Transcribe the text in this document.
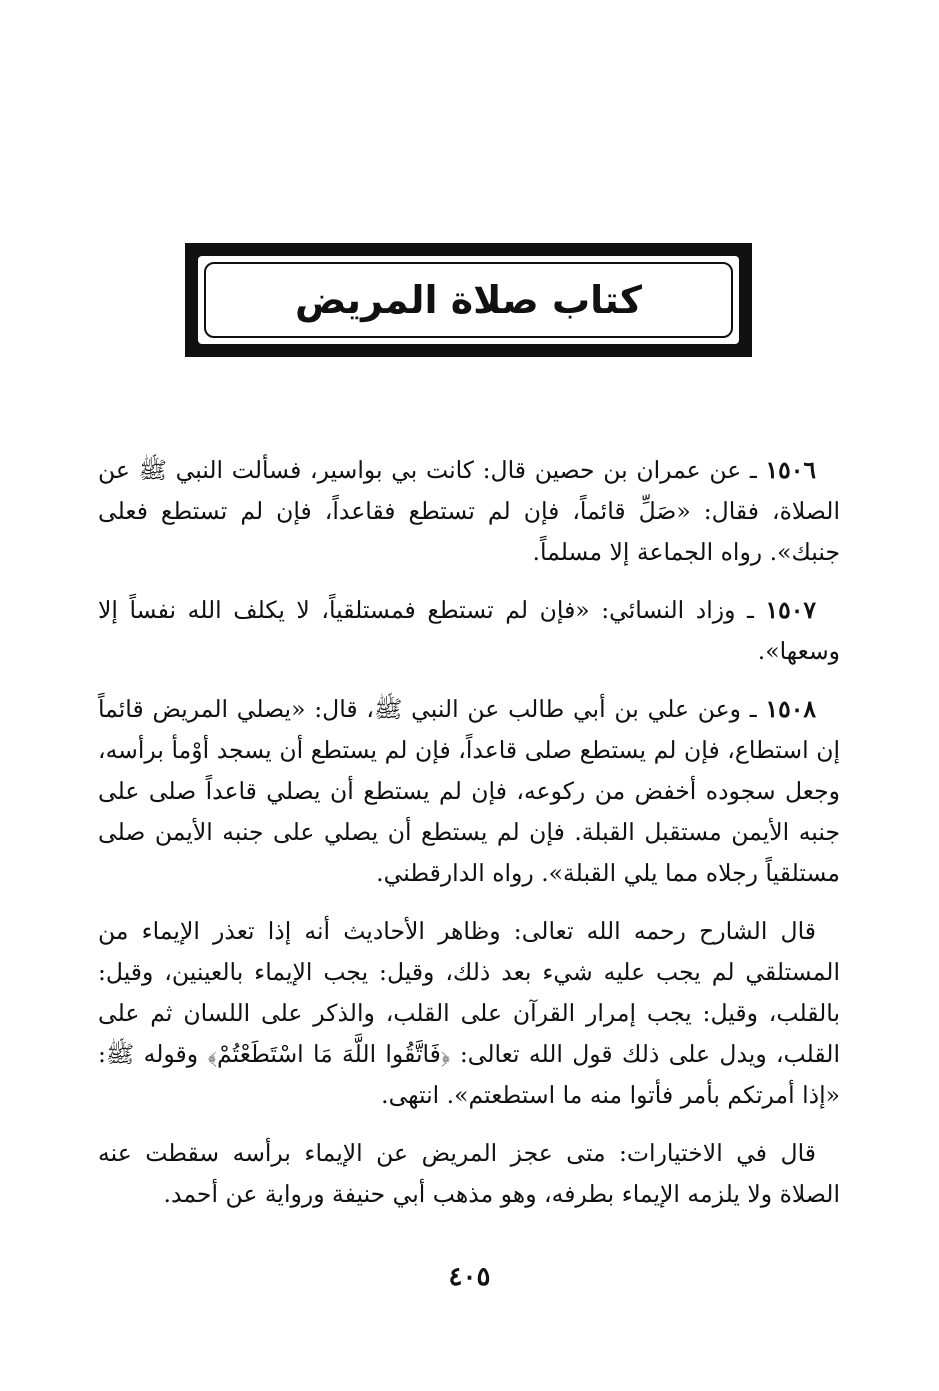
كتاب صلاة المريض

١٥٠٦ ـ عن عمران بن حصين قال: كانت بي بواسير، فسألت النبي ﷺ عن الصلاة، فقال: «صَلِّ قائماً، فإن لم تستطع فقاعداً، فإن لم تستطع فعلى جنبك». رواه الجماعة إلا مسلماً.

١٥٠٧ ـ وزاد النسائي: «فإن لم تستطع فمستلقياً، لا يكلف الله نفساً إلا وسعها».

١٥٠٨ ـ وعن علي بن أبي طالب عن النبي ﷺ، قال: «يصلي المريض قائماً إن استطاع، فإن لم يستطع صلى قاعداً، فإن لم يستطع أن يسجد أوْمأ برأسه، وجعل سجوده أخفض من ركوعه، فإن لم يستطع أن يصلي قاعداً صلى على جنبه الأيمن مستقبل القبلة. فإن لم يستطع أن يصلي على جنبه الأيمن صلى مستلقياً رجلاه مما يلي القبلة». رواه الدارقطني.

قال الشارح رحمه الله تعالى: وظاهر الأحاديث أنه إذا تعذر الإيماء من المستلقي لم يجب عليه شيء بعد ذلك، وقيل: يجب الإيماء بالعينين، وقيل: بالقلب، وقيل: يجب إمرار القرآن على القلب، والذكر على اللسان ثم على القلب، ويدل على ذلك قول الله تعالى: ﴿فَاتَّقُوا اللَّهَ مَا اسْتَطَعْتُمْ﴾ وقوله ﷺ: «إذا أمرتكم بأمر فأتوا منه ما استطعتم». انتهى.

قال في الاختيارات: متى عجز المريض عن الإيماء برأسه سقطت عنه الصلاة ولا يلزمه الإيماء بطرفه، وهو مذهب أبي حنيفة ورواية عن أحمد.

٤٠٥
